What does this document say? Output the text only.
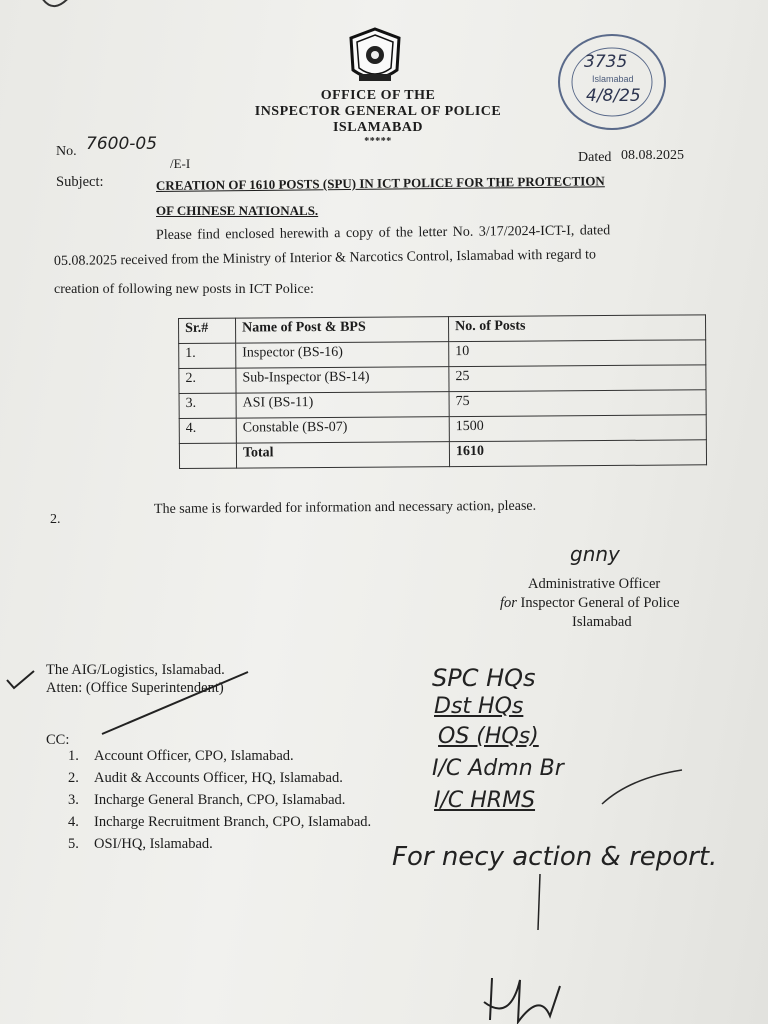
OFFICE OF THE
INSPECTOR GENERAL OF POLICE
ISLAMABAD
*****
3735
Islamabad
4/8/25
No. 7600-05
/E-I	Dated 08.08.2025
Subject:	CREATION OF 1610 POSTS (SPU) IN ICT POLICE FOR THE PROTECTION
OF CHINESE NATIONALS.
Please find enclosed herewith a copy of the letter No. 3/17/2024-ICT-I, dated
05.08.2025 received from the Ministry of Interior & Narcotics Control, Islamabad with regard to
creation of following new posts in ICT Police:
Sr.#	Name of Post & BPS	No. of Posts
1.	Inspector (BS-16)	10
2.	Sub-Inspector (BS-14)	25
3.	ASI (BS-11)	75
4.	Constable (BS-07)	1500
	Total	1610
2.
The same is forwarded for information and necessary action, please.
gnny
Administrative Officer
for Inspector General of Police
Islamabad
The AIG/Logistics, Islamabad.
Atten: (Office Superintendent)
CC:
1. Account Officer, CPO, Islamabad.
2. Audit & Accounts Officer, HQ, Islamabad.
3. Incharge General Branch, CPO, Islamabad.
4. Incharge Recruitment Branch, CPO, Islamabad.
5. OSI/HQ, Islamabad.
SPC HQs
Dst HQs
OS (HQs)
I/C Admn Br
I/C HRMS
For necy action & report.
